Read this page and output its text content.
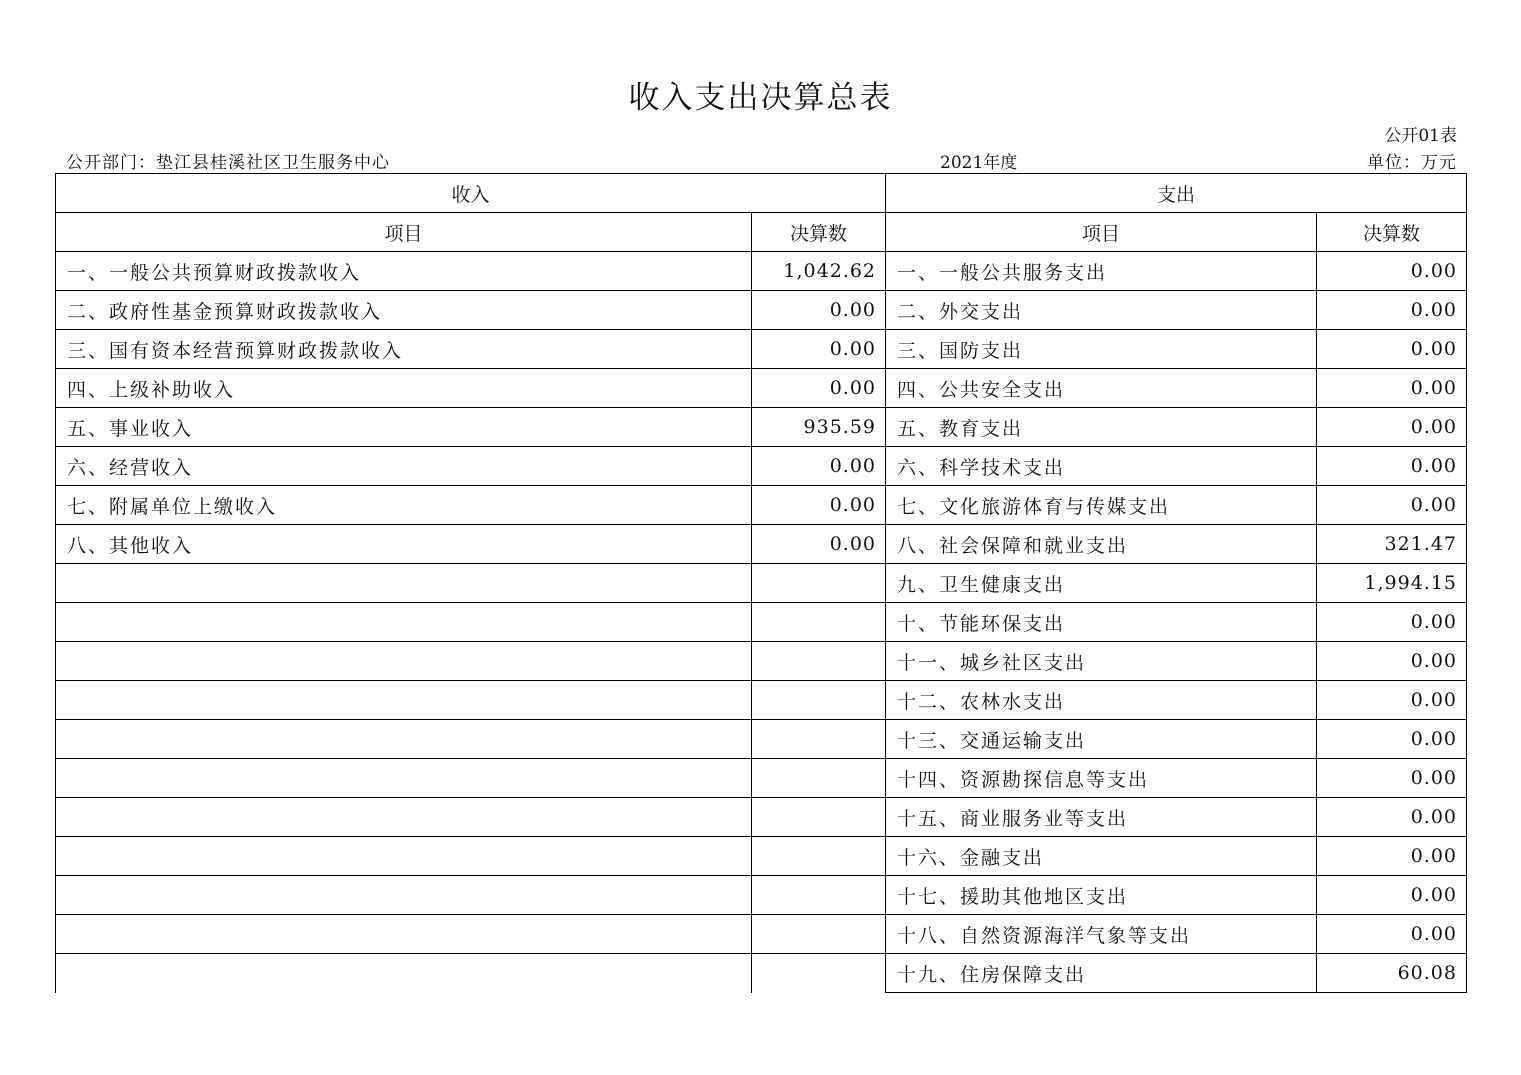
收入支出决算总表
公开01表
公开部门：垫江县桂溪社区卫生服务中心	2021年度	单位：万元
收入		支出	
项目	决算数	项目	决算数
一、一般公共预算财政拨款收入	1,042.62	一、一般公共服务支出	0.00
二、政府性基金预算财政拨款收入	0.00	二、外交支出	0.00
三、国有资本经营预算财政拨款收入	0.00	三、国防支出	0.00
四、上级补助收入	0.00	四、公共安全支出	0.00
五、事业收入	935.59	五、教育支出	0.00
六、经营收入	0.00	六、科学技术支出	0.00
七、附属单位上缴收入	0.00	七、文化旅游体育与传媒支出	0.00
八、其他收入	0.00	八、社会保障和就业支出	321.47
		九、卫生健康支出	1,994.15
		十、节能环保支出	0.00
		十一、城乡社区支出	0.00
		十二、农林水支出	0.00
		十三、交通运输支出	0.00
		十四、资源勘探信息等支出	0.00
		十五、商业服务业等支出	0.00
		十六、金融支出	0.00
		十七、援助其他地区支出	0.00
		十八、自然资源海洋气象等支出	0.00
		十九、住房保障支出	60.08
